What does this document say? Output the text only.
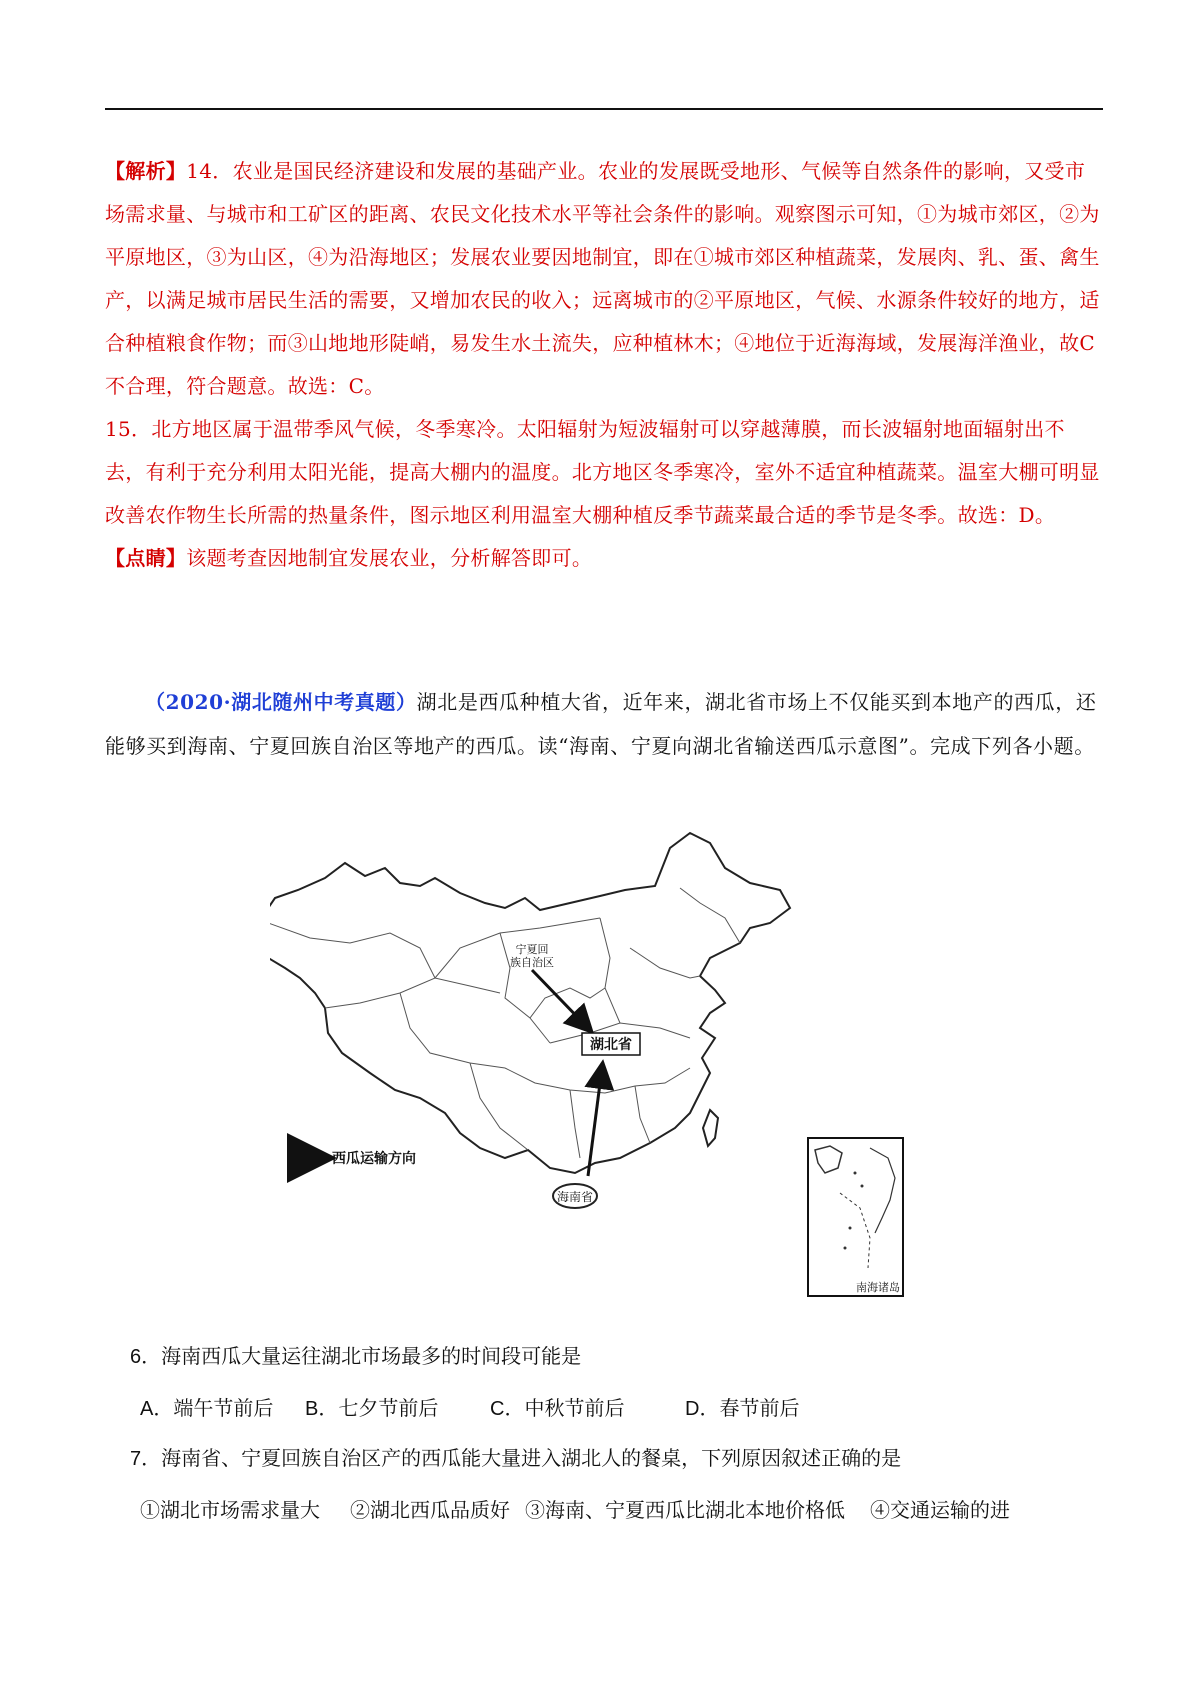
【解析】14．农业是国民经济建设和发展的基础产业。农业的发展既受地形、气候等自然条件的影响，又受市场需求量、与城市和工矿区的距离、农民文化技术水平等社会条件的影响。观察图示可知，①为城市郊区，②为平原地区，③为山区，④为沿海地区；发展农业要因地制宜，即在①城市郊区种植蔬菜，发展肉、乳、蛋、禽生产，以满足城市居民生活的需要，又增加农民的收入；远离城市的②平原地区，气候、水源条件较好的地方，适合种植粮食作物；而③山地地形陡峭，易发生水土流失，应种植林木；④地位于近海海域，发展海洋渔业，故C不合理，符合题意。故选：C。

15．北方地区属于温带季风气候，冬季寒冷。太阳辐射为短波辐射可以穿越薄膜，而长波辐射地面辐射出不去，有利于充分利用太阳光能，提高大棚内的温度。北方地区冬季寒冷，室外不适宜种植蔬菜。温室大棚可明显改善农作物生长所需的热量条件，图示地区利用温室大棚种植反季节蔬菜最合适的季节是冬季。故选：D。

【点睛】该题考查因地制宜发展农业，分析解答即可。

（2020·湖北随州中考真题）湖北是西瓜种植大省，近年来，湖北省市场上不仅能买到本地产的西瓜，还能够买到海南、宁夏回族自治区等地产的西瓜。读“海南、宁夏向湖北省输送西瓜示意图”。完成下列各小题。
湖北省
宁夏回
族自治区
海南省
西瓜运输方向
南海诸岛
6．海南西瓜大量运往湖北市场最多的时间段可能是
A．端午节前后 B．七夕节前后	C．中秋节前后	D．春节前后
7．海南省、宁夏回族自治区产的西瓜能大量进入湖北人的餐桌，下列原因叙述正确的是
①湖北市场需求量大 ②湖北西瓜品质好 ③海南、宁夏西瓜比湖北本地价格低 ④交通运输的进
